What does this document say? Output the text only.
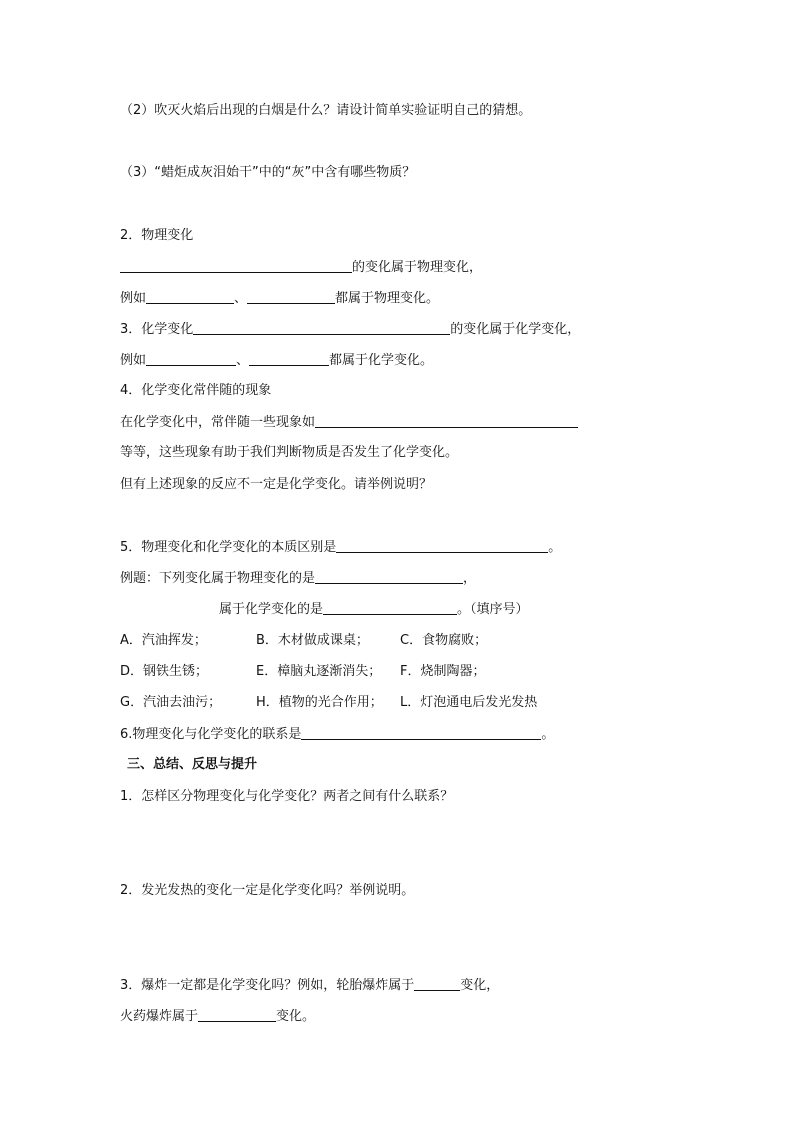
（2）吹灭火焰后出现的白烟是什么？请设计简单实验证明自己的猜想。
（3）“蜡炬成灰泪始干”中的“灰”中含有哪些物质？
2．物理变化
的变化属于物理变化，
例如	、	都属于物理变化。
3．化学变化	的变化属于化学变化，
例如	、	都属于化学变化。
4．化学变化常伴随的现象
在化学变化中，常伴随一些现象如
等等，这些现象有助于我们判断物质是否发生了化学变化。
但有上述现象的反应不一定是化学变化。请举例说明？
5．物理变化和化学变化的本质区别是	。
例题：下列变化属于物理变化的是	，
属于化学变化的是	。（填序号）
A．汽油挥发；	B．木材做成课桌； C．食物腐败；
D．钢铁生锈；	E．樟脑丸逐渐消失； F．烧制陶器；
G．汽油去油污；	H．植物的光合作用； L．灯泡通电后发光发热
6.物理变化与化学变化的联系是	。
三、总结、反思与提升
1．怎样区分物理变化与化学变化？两者之间有什么联系？
2．发光发热的变化一定是化学变化吗？举例说明。
3．爆炸一定都是化学变化吗？例如，轮胎爆炸属于	变化，
火药爆炸属于	变化。
